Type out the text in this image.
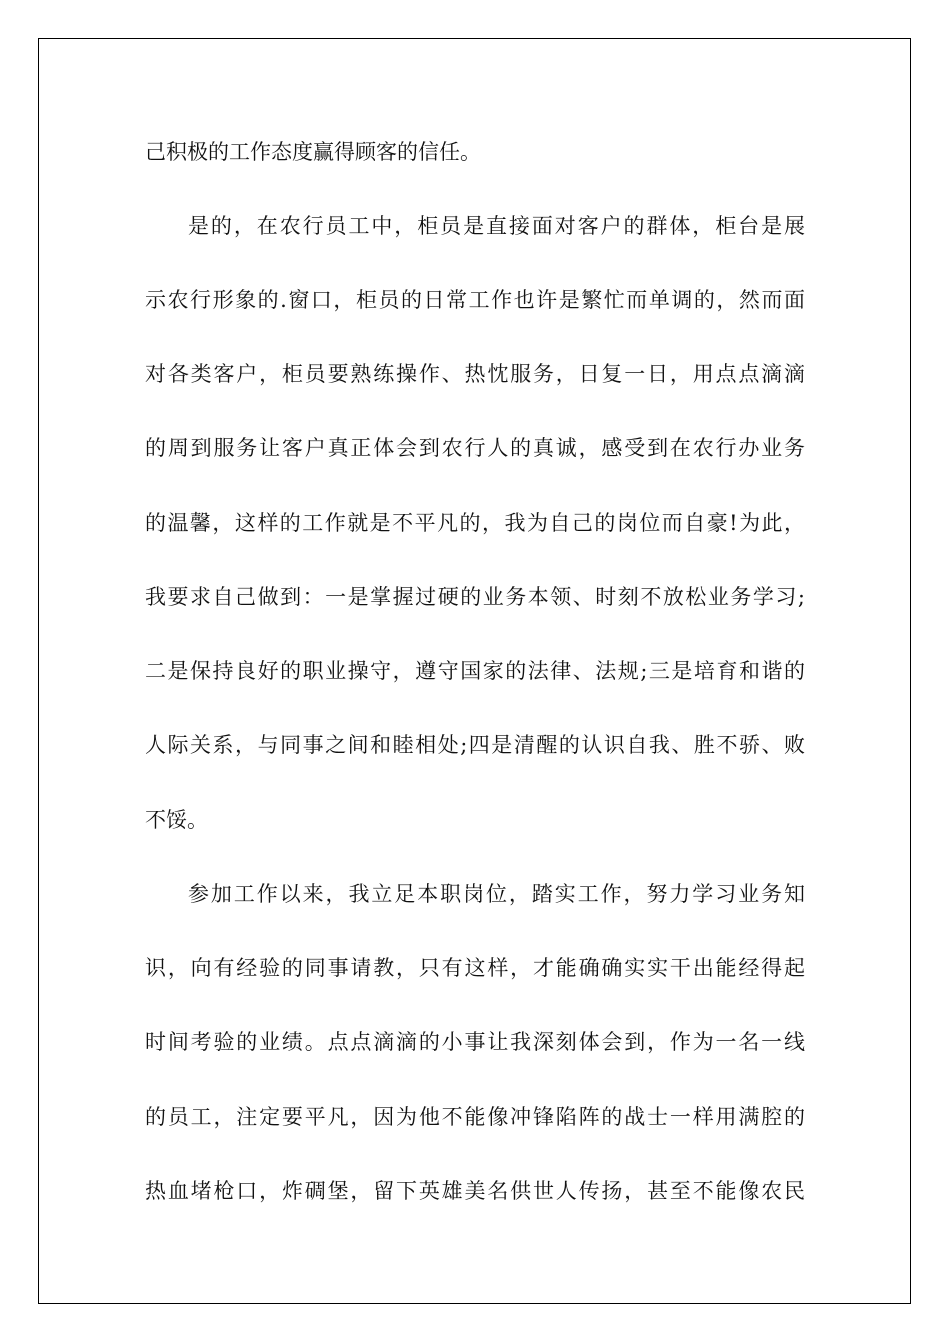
己积极的工作态度赢得顾客的信任。
是的，在农行员工中，柜员是直接面对客户的群体，柜台是展
示农行形象的.窗口，柜员的日常工作也许是繁忙而单调的，然而面
对各类客户，柜员要熟练操作、热忱服务，日复一日，用点点滴滴
的周到服务让客户真正体会到农行人的真诚，感受到在农行办业务
的温馨，这样的工作就是不平凡的，我为自己的岗位而自豪!为此，
我要求自己做到：一是掌握过硬的业务本领、时刻不放松业务学习;
二是保持良好的职业操守，遵守国家的法律、法规;三是培育和谐的
人际关系，与同事之间和睦相处;四是清醒的认识自我、胜不骄、败
不馁。
参加工作以来，我立足本职岗位，踏实工作，努力学习业务知
识，向有经验的同事请教，只有这样，才能确确实实干出能经得起
时间考验的业绩。点点滴滴的小事让我深刻体会到，作为一名一线
的员工，注定要平凡，因为他不能像冲锋陷阵的战士一样用满腔的
热血堵枪口，炸碉堡，留下英雄美名供世人传扬，甚至不能像农民
